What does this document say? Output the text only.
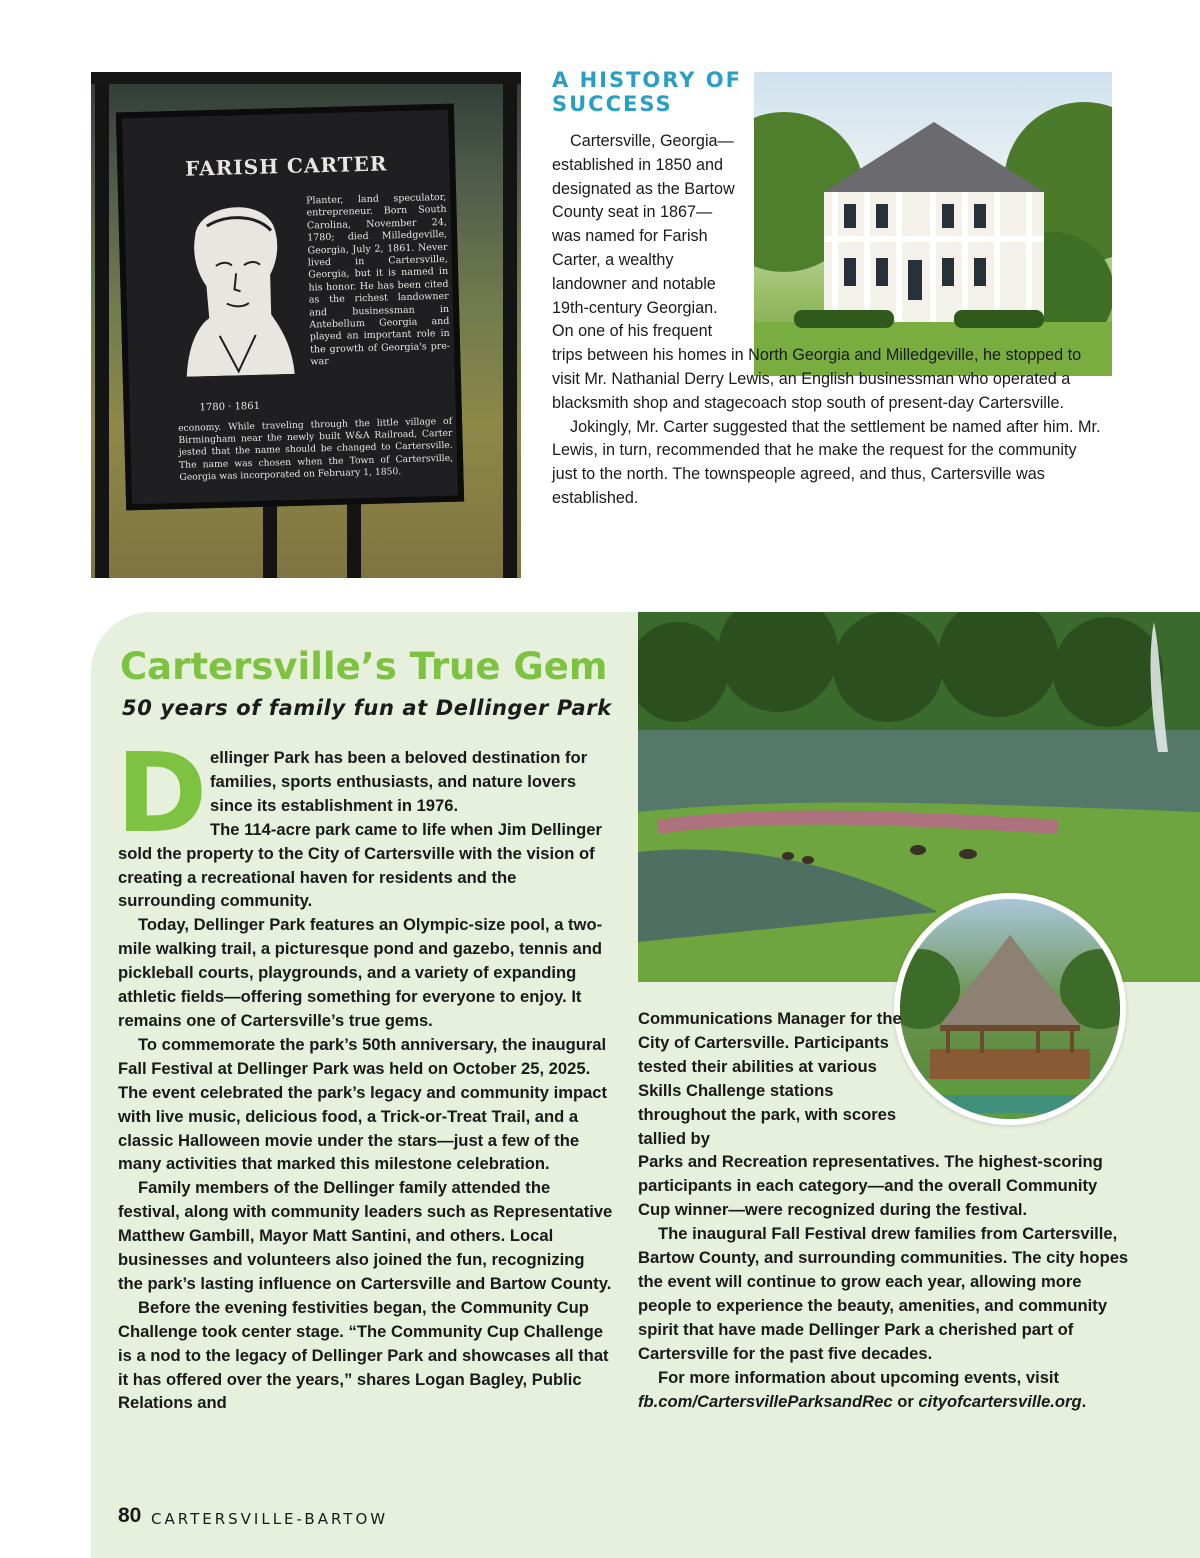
FARISH CARTER
Planter, land speculator, entrepreneur. Born South Carolina, November 24, 1780; died Milledgeville, Georgia, July 2, 1861. Never lived in Cartersville, Georgia, but it is named in his honor. He has been cited as the richest landowner and businessman in Antebellum Georgia and played an important role in the growth of Georgia's pre-war
1780 · 1861
economy. While traveling through the little village of Birmingham near the newly built W&A Railroad, Carter jested that the name should be changed to Cartersville. The name was chosen when the Town of Cartersville, Georgia was incorporated on February 1, 1850.
A HISTORY OF SUCCESS

Cartersville, Georgia—established in 1850 and designated as the Bartow County seat in 1867—was named for Farish Carter, a wealthy landowner and notable 19th-century Georgian. On one of his frequent

trips between his homes in North Georgia and Milledgeville, he stopped to visit Mr. Nathanial Derry Lewis, an English businessman who operated a blacksmith shop and stagecoach stop south of present-day Cartersville.

Jokingly, Mr. Carter suggested that the settlement be named after him. Mr. Lewis, in turn, recommended that he make the request for the community just to the north. The townspeople agreed, and thus, Cartersville was established.

Cartersville’s True Gem
50 years of family fun at Dellinger Park
D ellinger Park has been a beloved destination for families, sports enthusiasts, and nature lovers since its establishment in 1976.

The 114-acre park came to life when Jim Dellinger sold the property to the City of Cartersville with the vision of creating a recreational haven for residents and the surrounding community.

Today, Dellinger Park features an Olympic-size pool, a two-mile walking trail, a picturesque pond and gazebo, tennis and pickleball courts, playgrounds, and a variety of expanding athletic fields—offering something for everyone to enjoy. It remains one of Cartersville’s true gems.

To commemorate the park’s 50th anniversary, the inaugural Fall Festival at Dellinger Park was held on October 25, 2025. The event celebrated the park’s legacy and community impact with live music, delicious food, a Trick-or-Treat Trail, and a classic Halloween movie under the stars—just a few of the many activities that marked this milestone celebration.

Family members of the Dellinger family attended the festival, along with community leaders such as Representative Matthew Gambill, Mayor Matt Santini, and others. Local businesses and volunteers also joined the fun, recognizing the park’s lasting influence on Cartersville and Bartow County.

Before the evening festivities began, the Community Cup Challenge took center stage. “The Community Cup Challenge is a nod to the legacy of Dellinger Park and showcases all that it has offered over the years,” shares Logan Bagley, Public Relations and

Communications Manager for the City of Cartersville. Participants tested their abilities at various Skills Challenge stations throughout the park, with scores tallied by

Parks and Recreation representatives. The highest-scoring participants in each category—and the overall Community Cup winner—were recognized during the festival.

The inaugural Fall Festival drew families from Cartersville, Bartow County, and surrounding communities. The city hopes the event will continue to grow each year, allowing more people to experience the beauty, amenities, and community spirit that have made Dellinger Park a cherished part of Cartersville for the past five decades.

For more information about upcoming events, visit fb.com/CartersvilleParksandRec or cityofcartersville.org.

80 CARTERSVILLE-BARTOW
